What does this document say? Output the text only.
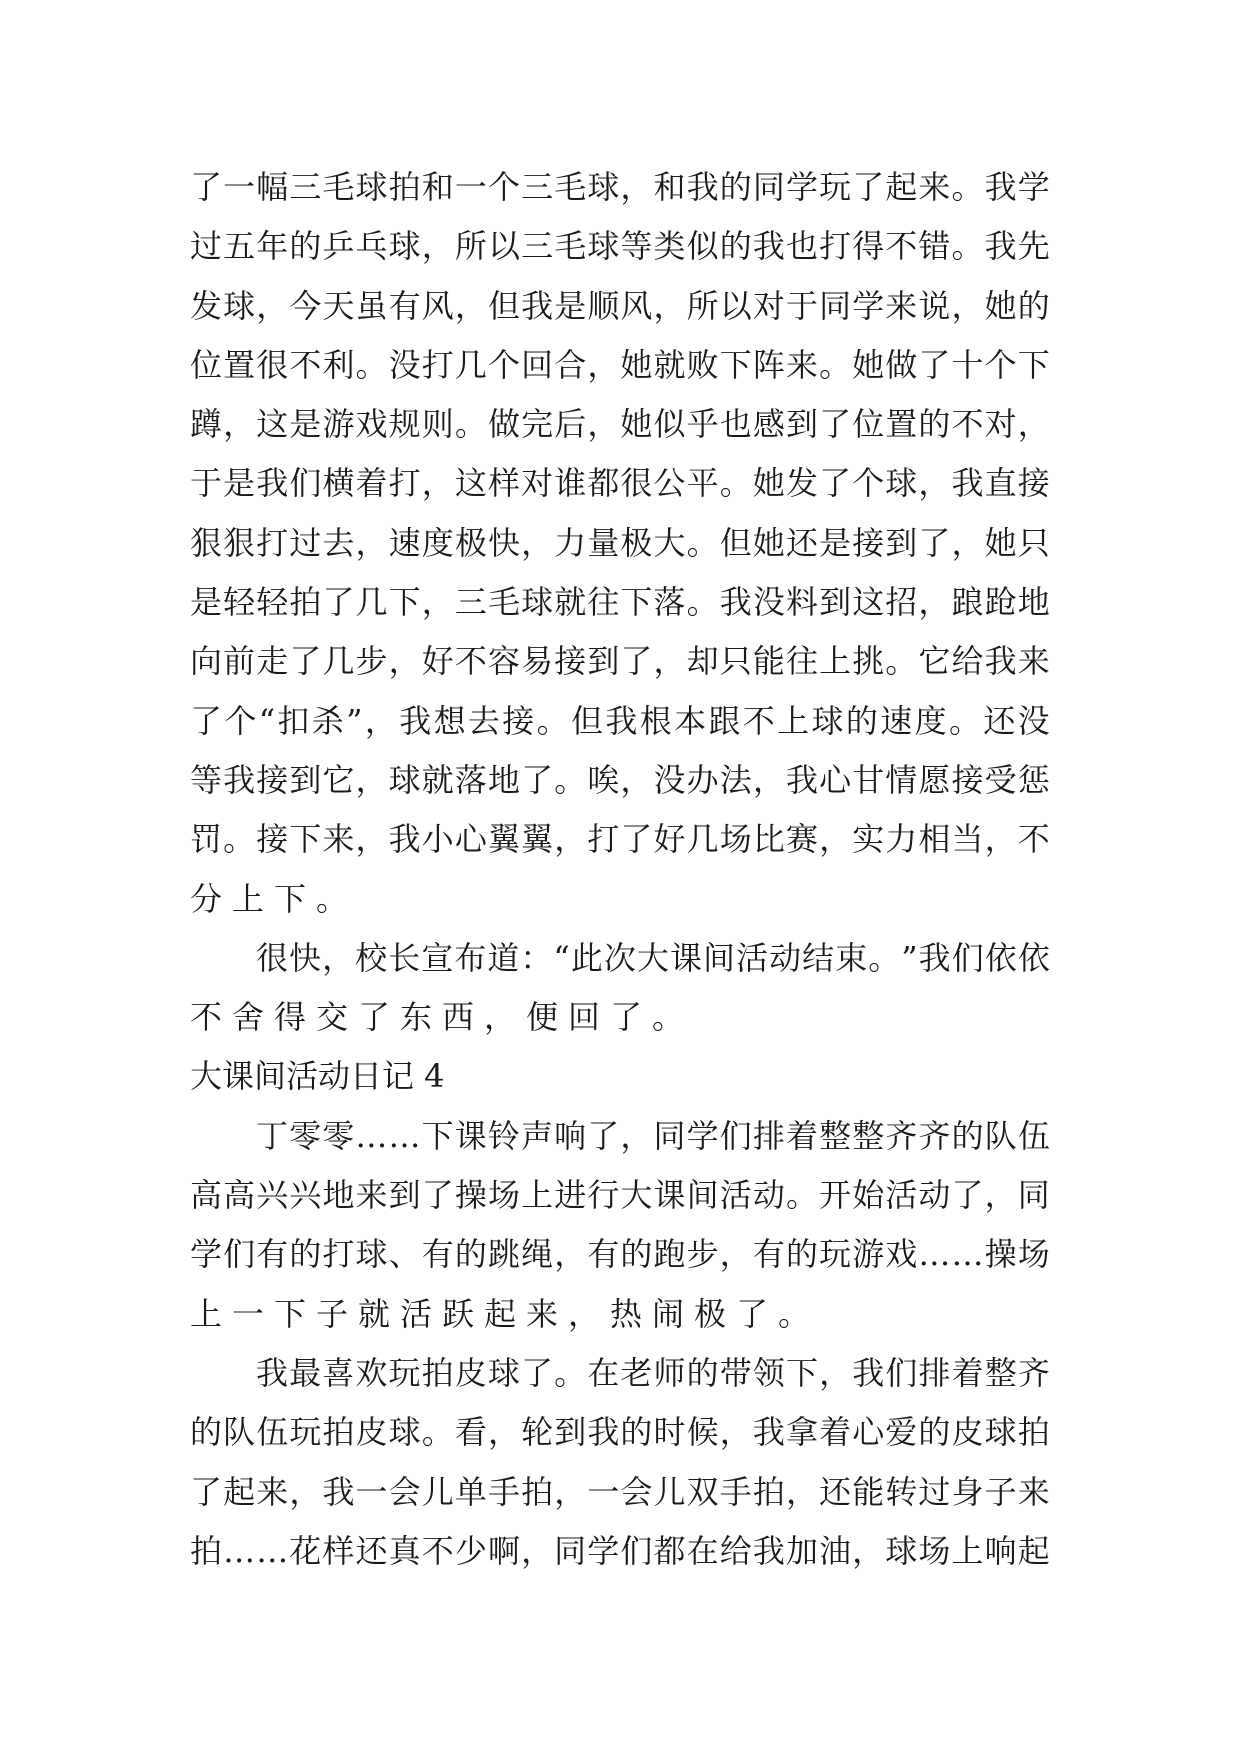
了 一 幅 三 毛 球 拍 和 一 个 三 毛 球 ， 和 我 的 同 学 玩 了 起 来 。 我 学
过 五 年 的 乒 乓 球 ， 所 以 三 毛 球 等 类 似 的 我 也 打 得 不 错 。 我 先
发 球 ， 今 天 虽 有 风 ， 但 我 是 顺 风 ， 所 以 对 于 同 学 来 说 ， 她 的
位 置 很 不 利 。 没 打 几 个 回 合 ， 她 就 败 下 阵 来 。 她 做 了 十 个 下
蹲 ， 这 是 游 戏 规 则 。 做 完 后 ， 她 似 乎 也 感 到 了 位 置 的 不 对 ，
于 是 我 们 横 着 打 ， 这 样 对 谁 都 很 公 平 。 她 发 了 个 球 ， 我 直 接
狠 狠 打 过 去 ， 速 度 极 快 ， 力 量 极 大 。 但 她 还 是 接 到 了 ， 她 只
是 轻 轻 拍 了 几 下 ， 三 毛 球 就 往 下 落 。 我 没 料 到 这 招 ， 踉 跄 地
向 前 走 了 几 步 ， 好 不 容 易 接 到 了 ， 却 只 能 往 上 挑 。 它 给 我 来
了 个 “ 扣 杀 ” ， 我 想 去 接 。 但 我 根 本 跟 不 上 球 的 速 度 。 还 没
等 我 接 到 它 ， 球 就 落 地 了 。 唉 ， 没 办 法 ， 我 心 甘 情 愿 接 受 惩
罚 。 接 下 来 ， 我 小 心 翼 翼 ， 打 了 好 几 场 比 赛 ， 实 力 相 当 ， 不
分上下。
很 快 ， 校 长 宣 布 道 ： “ 此 次 大 课 间 活 动 结 束 。 ” 我 们 依 依
不舍得交了东西，便回了。
大课间活动日记 4
丁 零 零 … … 下 课 铃 声 响 了 ， 同 学 们 排 着 整 整 齐 齐 的 队 伍
高 高 兴 兴 地 来 到 了 操 场 上 进 行 大 课 间 活 动 。 开 始 活 动 了 ， 同
学 们 有 的 打 球 、 有 的 跳 绳 ， 有 的 跑 步 ， 有 的 玩 游 戏 … … 操 场
上一下子就活跃起来，热闹极了。
我 最 喜 欢 玩 拍 皮 球 了 。 在 老 师 的 带 领 下 ， 我 们 排 着 整 齐
的 队 伍 玩 拍 皮 球 。 看 ， 轮 到 我 的 时 候 ， 我 拿 着 心 爱 的 皮 球 拍
了 起 来 ， 我 一 会 儿 单 手 拍 ， 一 会 儿 双 手 拍 ， 还 能 转 过 身 子 来
拍 … … 花 样 还 真 不 少 啊 ， 同 学 们 都 在 给 我 加 油 ， 球 场 上 响 起
